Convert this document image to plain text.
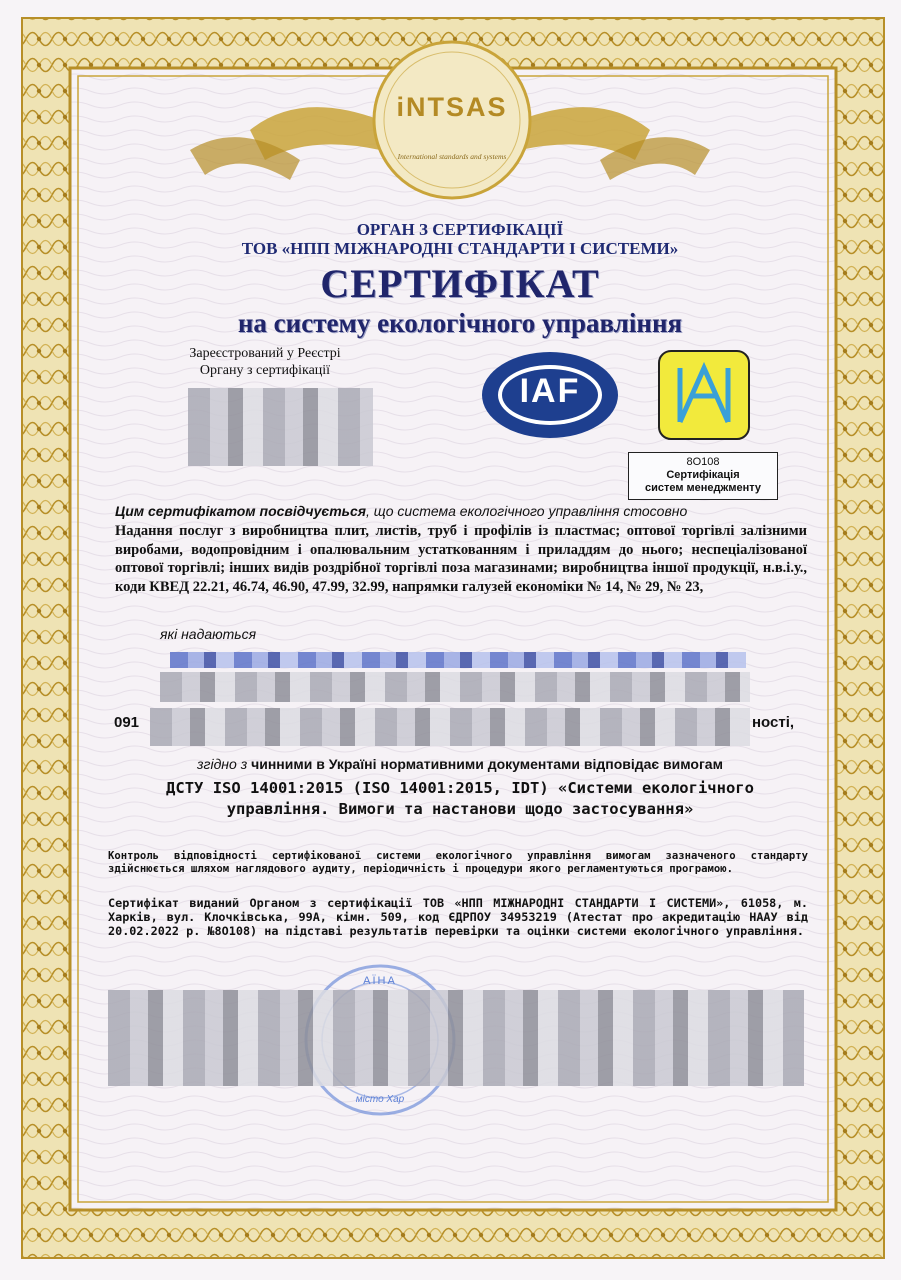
iNTSAS
International standards and systems
ОРГАН З СЕРТИФІКАЦІЇ
ТОВ «НПП МІЖНАРОДНІ СТАНДАРТИ І СИСТЕМИ»
СЕРТИФІКАТ
на систему екологічного управління
Зареєстрований у Реєстрі
Органу з сертифікації
IAF
8O108
Сертифікація
систем менеджменту

Цим сертифікатом посвідчується, що система екологічного управління стосовно

Надання послуг з виробництва плит, листів, труб і профілів із пластмас; оптової торгівлі залізними виробами, водопровідним і опалювальним устаткованням і приладдям до нього; неспеціалізованої оптової торгівлі; інших видів роздрібної торгівлі поза магазинами; виробництва іншої продукції, н.в.і.у., коди КВЕД 22.21, 46.74, 46.90, 47.99, 32.99, напрямки галузей економіки № 14, № 29, № 23,

які надаються
091	ності,

згідно з чинними в Україні нормативними документами відповідає вимогам

ДСТУ ISO 14001:2015 (ISO 14001:2015, IDT) «Системи екологічного управління. Вимоги та настанови щодо застосування»

Контроль відповідності сертифікованої системи екологічного управління вимогам зазначеного стандарту здійснюється шляхом наглядового аудиту, періодичність і процедури якого регламентуються програмою.

Сертифікат виданий Органом з сертифікації ТОВ «НПП МІЖНАРОДНІ СТАНДАРТИ І СИСТЕМИ», 61058, м. Харків, вул. Клочківська, 99А, кімн. 509, код ЄДРПОУ 34953219 (Атестат про акредитацію НААУ від 20.02.2022 р. №8О108) на підставі результатів перевірки та оцінки системи екологічного управління.

АЇНА
місто Хар
